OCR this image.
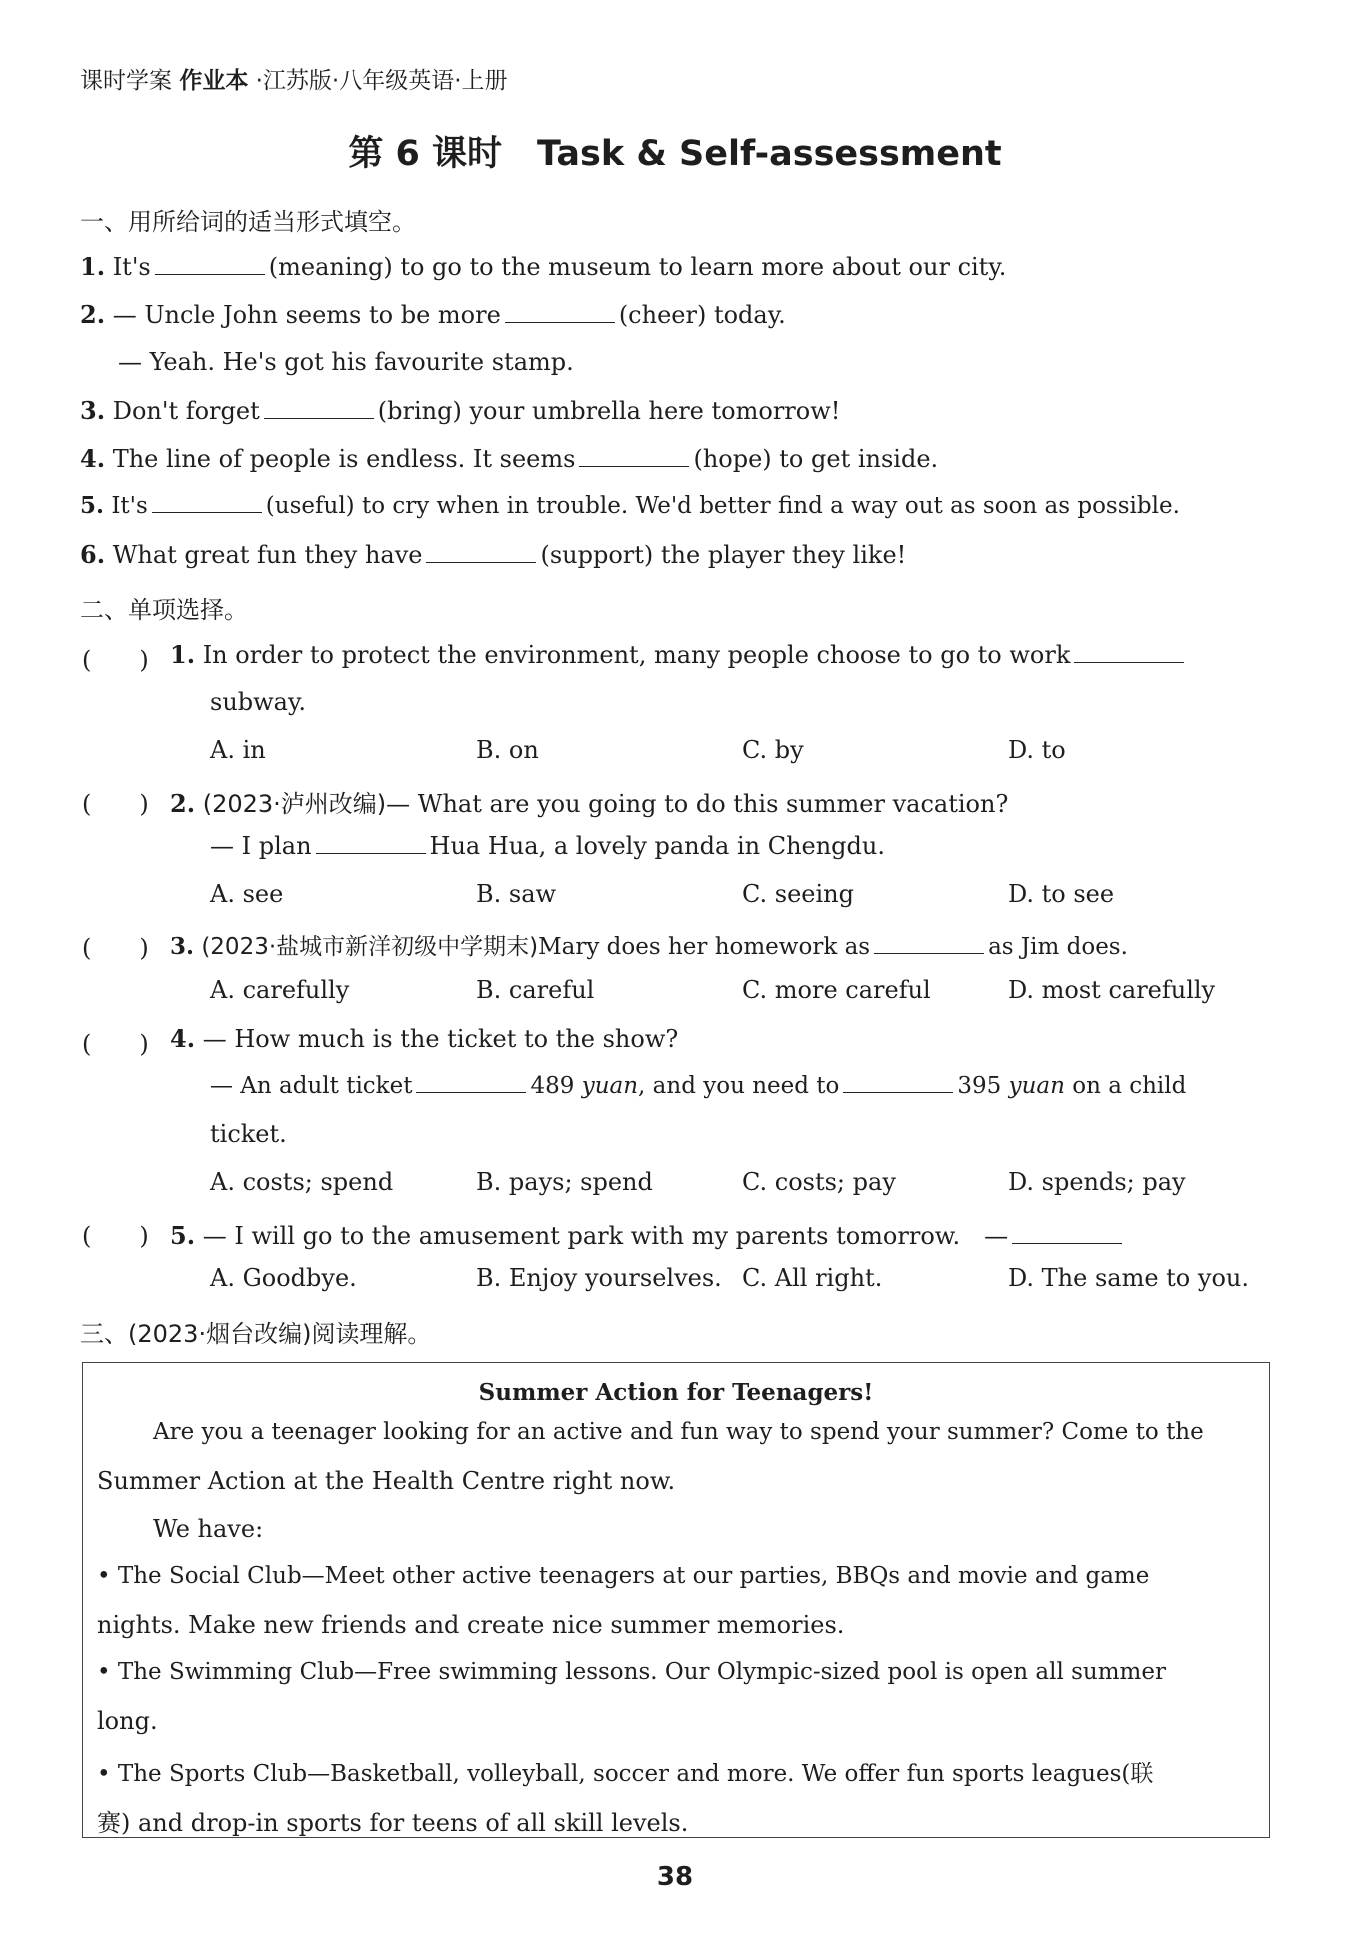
课时学案 作业本 ·江苏版·八年级英语·上册
第 6 课时　Task & Self-assessment
一、用所给词的适当形式填空。
1. It's	(meaning) to go to the museum to learn more about our city.
2. — Uncle John seems to be more	(cheer) today.
— Yeah. He's got his favourite stamp.
3. Don't forget	(bring) your umbrella here tomorrow!
4. The line of people is endless. It seems	(hope) to get inside.
5. It's	(useful) to cry when in trouble. We'd better find a way out as soon as possible.
6. What great fun they have	(support) the player they like!
二、单项选择。
(　　) 1. In order to protect the environment, many people choose to go to work
subway.
A. in	B. on	C. by	D. to
(　　) 2. (2023·泸州改编)— What are you going to do this summer vacation?
— I plan	Hua Hua, a lovely panda in Chengdu.
A. see	B. saw	C. seeing	D. to see
(　　) 3. (2023·盐城市新洋初级中学期末)Mary does her homework as	as Jim does.
A. carefully	B. careful	C. more careful	D. most carefully
(　　) 4. — How much is the ticket to the show?
— An adult ticket	489 yuan, and you need to	395 yuan on a child
ticket.
A. costs; spend	B. pays; spend	C. costs; pay	D. spends; pay
(　　) 5. — I will go to the amusement park with my parents tomorrow.　—
A. Goodbye.	B. Enjoy yourselves. C. All right.	D. The same to you.
三、(2023·烟台改编)阅读理解。
Summer Action for Teenagers!
Are you a teenager looking for an active and fun way to spend your summer? Come to the
Summer Action at the Health Centre right now.
We have:
• The Social Club—Meet other active teenagers at our parties, BBQs and movie and game
nights. Make new friends and create nice summer memories.
• The Swimming Club—Free swimming lessons. Our Olympic-sized pool is open all summer
long.
• The Sports Club—Basketball, volleyball, soccer and more. We offer fun sports leagues(联
赛) and drop-in sports for teens of all skill levels.
38
